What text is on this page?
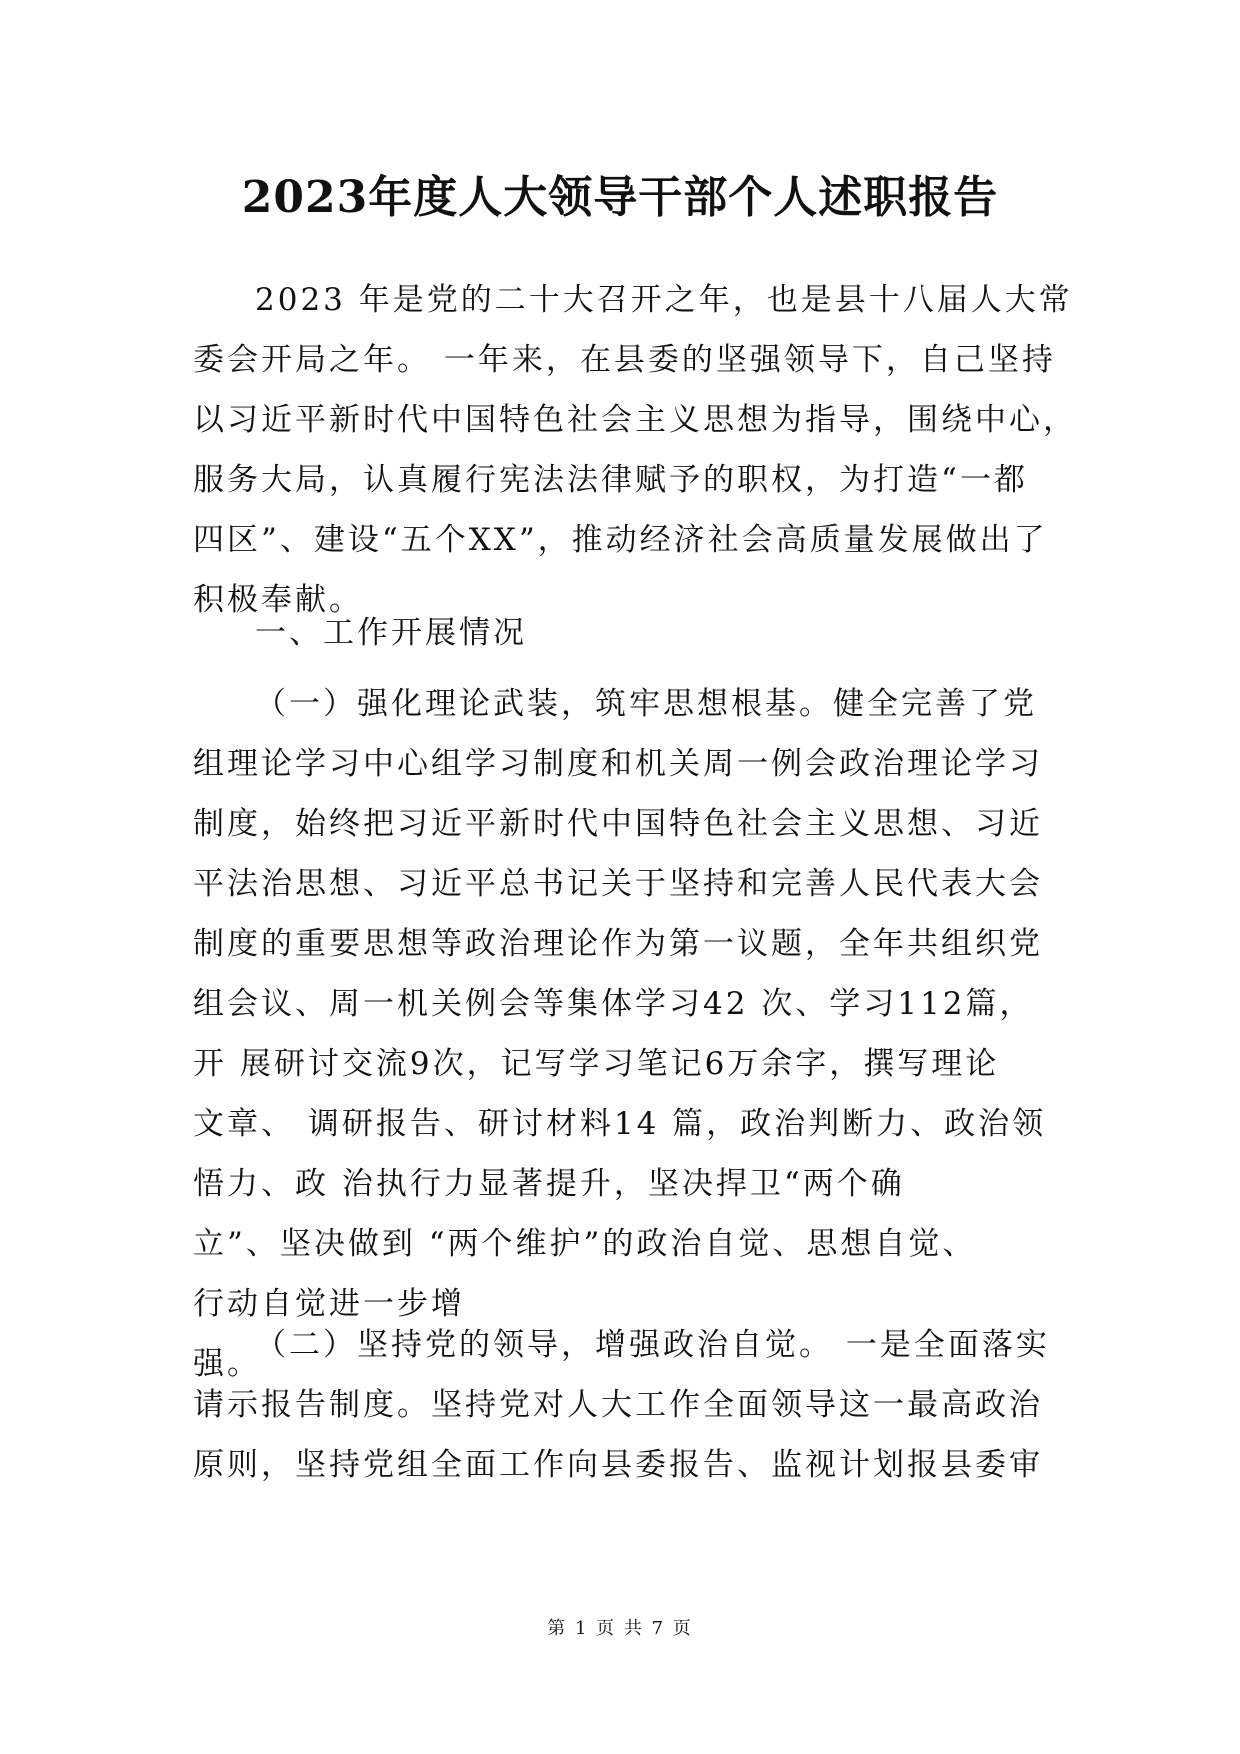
2023年度人大领导干部个人述职报告
2023 年是党的二十大召开之年，也是县十八届人大常
委会开局之年。 一年来，在县委的坚强领导下，自己坚持
以习近平新时代中国特色社会主义思想为指导，围绕中心，
服务大局，认真履行宪法法律赋予的职权，为打造“一都
四区”、建设“五个XX”，推动经济社会高质量发展做出了
积极奉献。
一、工作开展情况
（一）强化理论武装，筑牢思想根基。健全完善了党
组理论学习中心组学习制度和机关周一例会政治理论学习
制度，始终把习近平新时代中国特色社会主义思想、习近
平法治思想、习近平总书记关于坚持和完善人民代表大会
制度的重要思想等政治理论作为第一议题，全年共组织党
组会议、周一机关例会等集体学习42 次、学习112篇，
开 展研讨交流9次，记写学习笔记6万余字，撰写理论
文章、 调研报告、研讨材料14 篇，政治判断力、政治领
悟力、政 治执行力显著提升，坚决捍卫“两个确
立”、坚决做到 “两个维护”的政治自觉、思想自觉、
行动自觉进一步增
强。
（二）坚持党的领导，增强政治自觉。 一是全面落实
请示报告制度。坚持党对人大工作全面领导这一最高政治
原则，坚持党组全面工作向县委报告、监视计划报县委审
第 1 页 共 7 页
